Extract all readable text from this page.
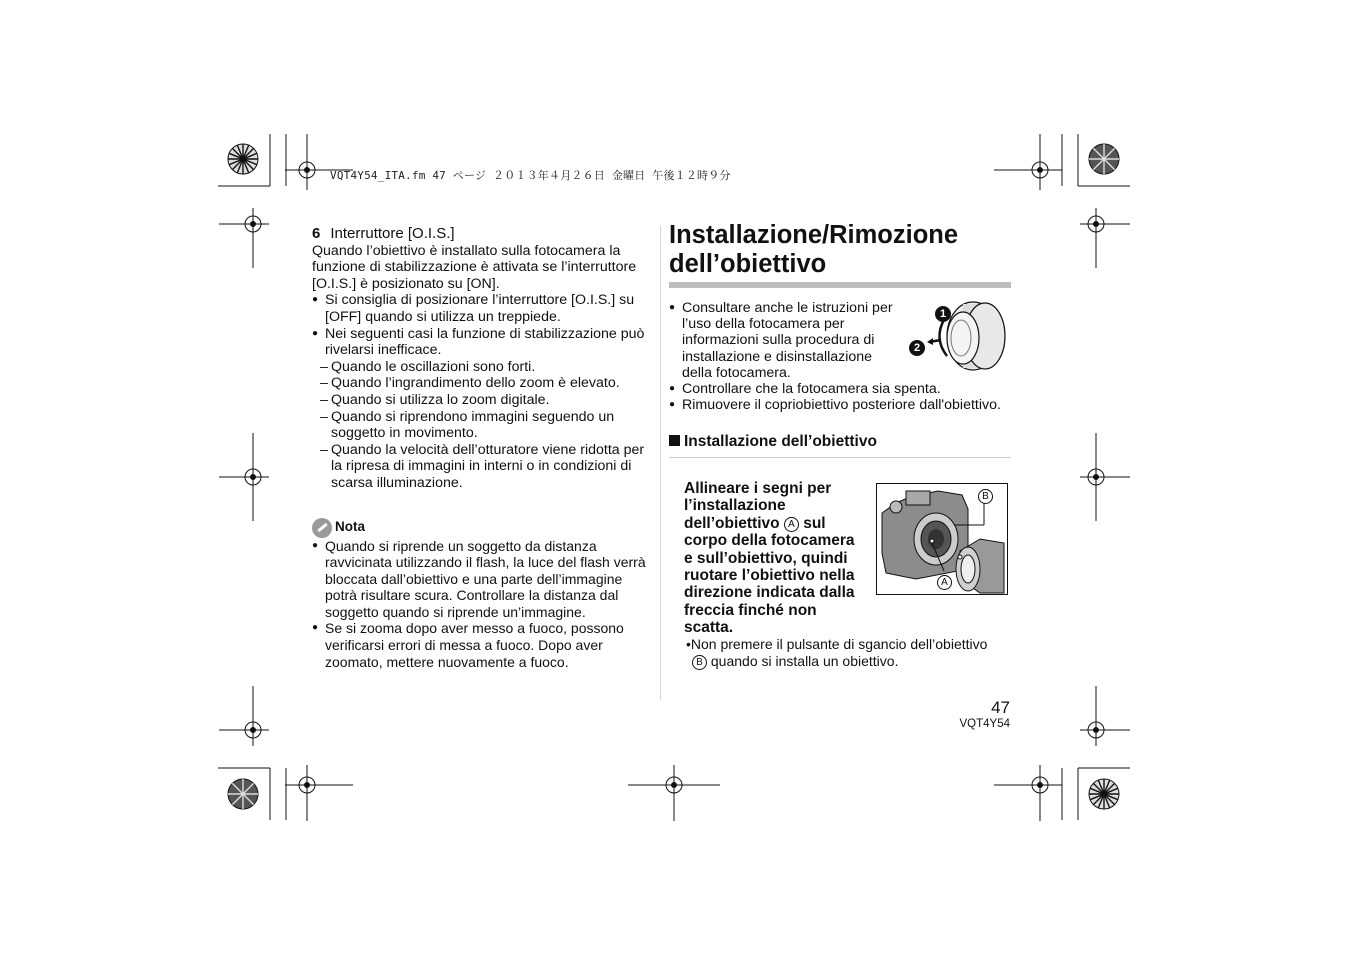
VQT4Y54_ITA.fm 47 ページ ２０１３年４月２６日 金曜日 午後１２時９分
6 Interruttore [O.I.S.]

Quando l’obiettivo è installato sulla fotocamera la funzione di stabilizzazione è attivata se l’interruttore [O.I.S.] è posizionato su [ON].

● Si consiglia di posizionare l’interruttore [O.I.S.] su [OFF] quando si utilizza un treppiede.

● Nei seguenti casi la funzione di stabilizzazione può rivelarsi inefficace.

– Quando le oscillazioni sono forti.

– Quando l’ingrandimento dello zoom è elevato.

– Quando si utilizza lo zoom digitale.

– Quando si riprendono immagini seguendo un soggetto in movimento.

– Quando la velocità dell’otturatore viene ridotta per la ripresa di immagini in interni o in condizioni di scarsa illuminazione.

Nota

● Quando si riprende un soggetto da distanza ravvicinata utilizzando il flash, la luce del flash verrà bloccata dall’obiettivo e una parte dell’immagine potrà risultare scura. Controllare la distanza dal soggetto quando si riprende un’immagine.

● Se si zooma dopo aver messo a fuoco, possono verificarsi errori di messa a fuoco. Dopo aver zoomato, mettere nuovamente a fuoco.

Installazione/Rimozione
dell’obiettivo

● Consultare anche le istruzioni per l’uso della fotocamera per informazioni sulla procedura di installazione e disinstallazione della fotocamera.

● Controllare che la fotocamera sia spenta.

● Rimuovere il copriobiettivo posteriore dall'obiettivo.

Installazione dell’obiettivo
1
2
B
A
Allineare i segni per l’installazione dell’obiettivo A sul corpo della fotocamera e sull’obiettivo, quindi ruotare l’obiettivo nella direzione indicata dalla freccia finché non scatta.
•Non premere il pulsante di sgancio dell’obiettivo
B quando si installa un obiettivo.
47
VQT4Y54
